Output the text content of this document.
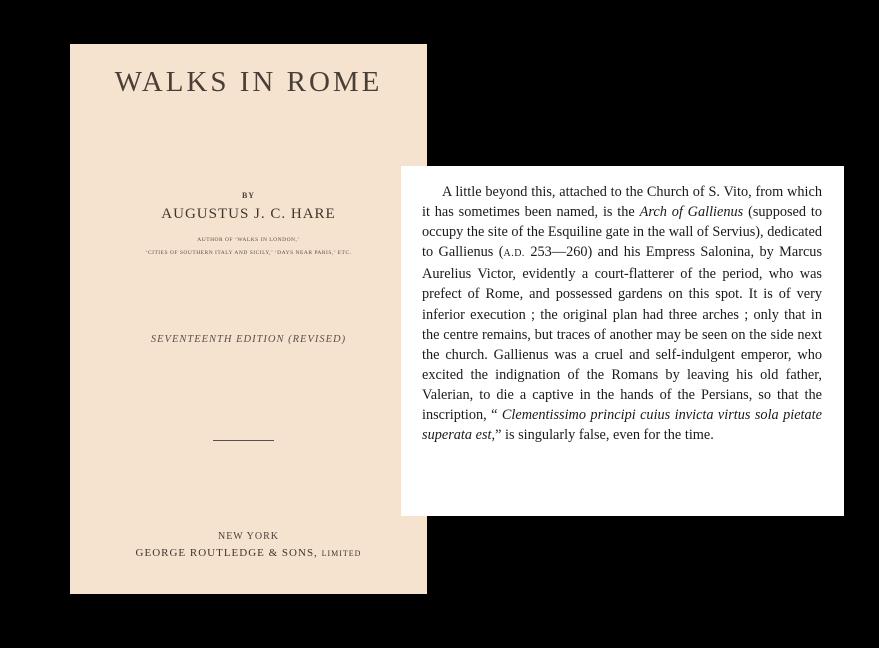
WALKS IN ROME
BY
AUGUSTUS J. C. HARE
AUTHOR OF ‘WALKS IN LONDON,’
‘CITIES OF SOUTHERN ITALY AND SICILY,’ ‘DAYS NEAR PARIS,’ ETC.
SEVENTEENTH EDITION (REVISED)
NEW YORK
GEORGE ROUTLEDGE & SONS, LIMITED

A little beyond this, attached to the Church of S. Vito, from which it has sometimes been named, is the Arch of Gallienus (supposed to occupy the site of the Esquiline gate in the wall of Servius), dedicated to Gallienus (A.D. 253—260) and his Empress Salonina, by Marcus Aurelius Victor, evidently a court-flatterer of the period, who was prefect of Rome, and possessed gardens on this spot. It is of very inferior execution ; the original plan had three arches ; only that in the centre remains, but traces of another may be seen on the side next the church. Gallienus was a cruel and self-indulgent emperor, who excited the indignation of the Romans by leaving his old father, Valerian, to die a captive in the hands of the Persians, so that the inscription, “ Clementissimo principi cuius invicta virtus sola pietate superata est,” is singularly false, even for the time.
